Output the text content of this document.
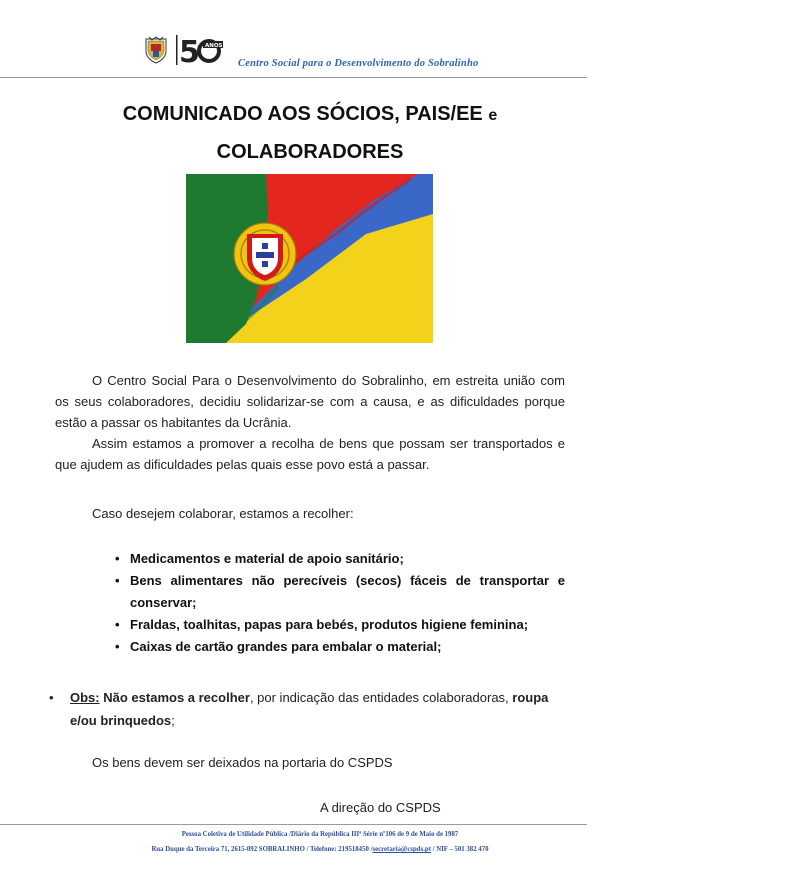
5 ANOS
Centro Social para o Desenvolvimento do Sobralinho
COMUNICADO AOS SÓCIOS, PAIS/EE e
COLABORADORES
O Centro Social Para o Desenvolvimento do Sobralinho, em estreita união com os seus colaboradores, decidiu solidarizar-se com a causa, e as dificuldades porque estão a passar os habitantes da Ucrânia.
Assim estamos a promover a recolha de bens que possam ser transportados e que ajudem as dificuldades pelas quais esse povo está a passar.
Caso desejem colaborar, estamos a recolher:
• Medicamentos e material de apoio sanitário;
• Bens alimentares não perecíveis (secos) fáceis de transportar e conservar;
• Fraldas, toalhitas, papas para bebés, produtos higiene feminina;
• Caixas de cartão grandes para embalar o material;
•	Obs: Não estamos a recolher, por indicação das entidades colaboradoras, roupa e/ou brinquedos;
Os bens devem ser deixados na portaria do CSPDS
A direção do CSPDS
Pessoa Coletiva de Utilidade Pública /Diário da República IIIª Série nº106 de 9 de Maio de 1987
Rua Duque da Terceira 71, 2615-092 SOBRALINHO / Telefone: 219518450 /secretaria@cspds.pt / NIF – 501 382 470
